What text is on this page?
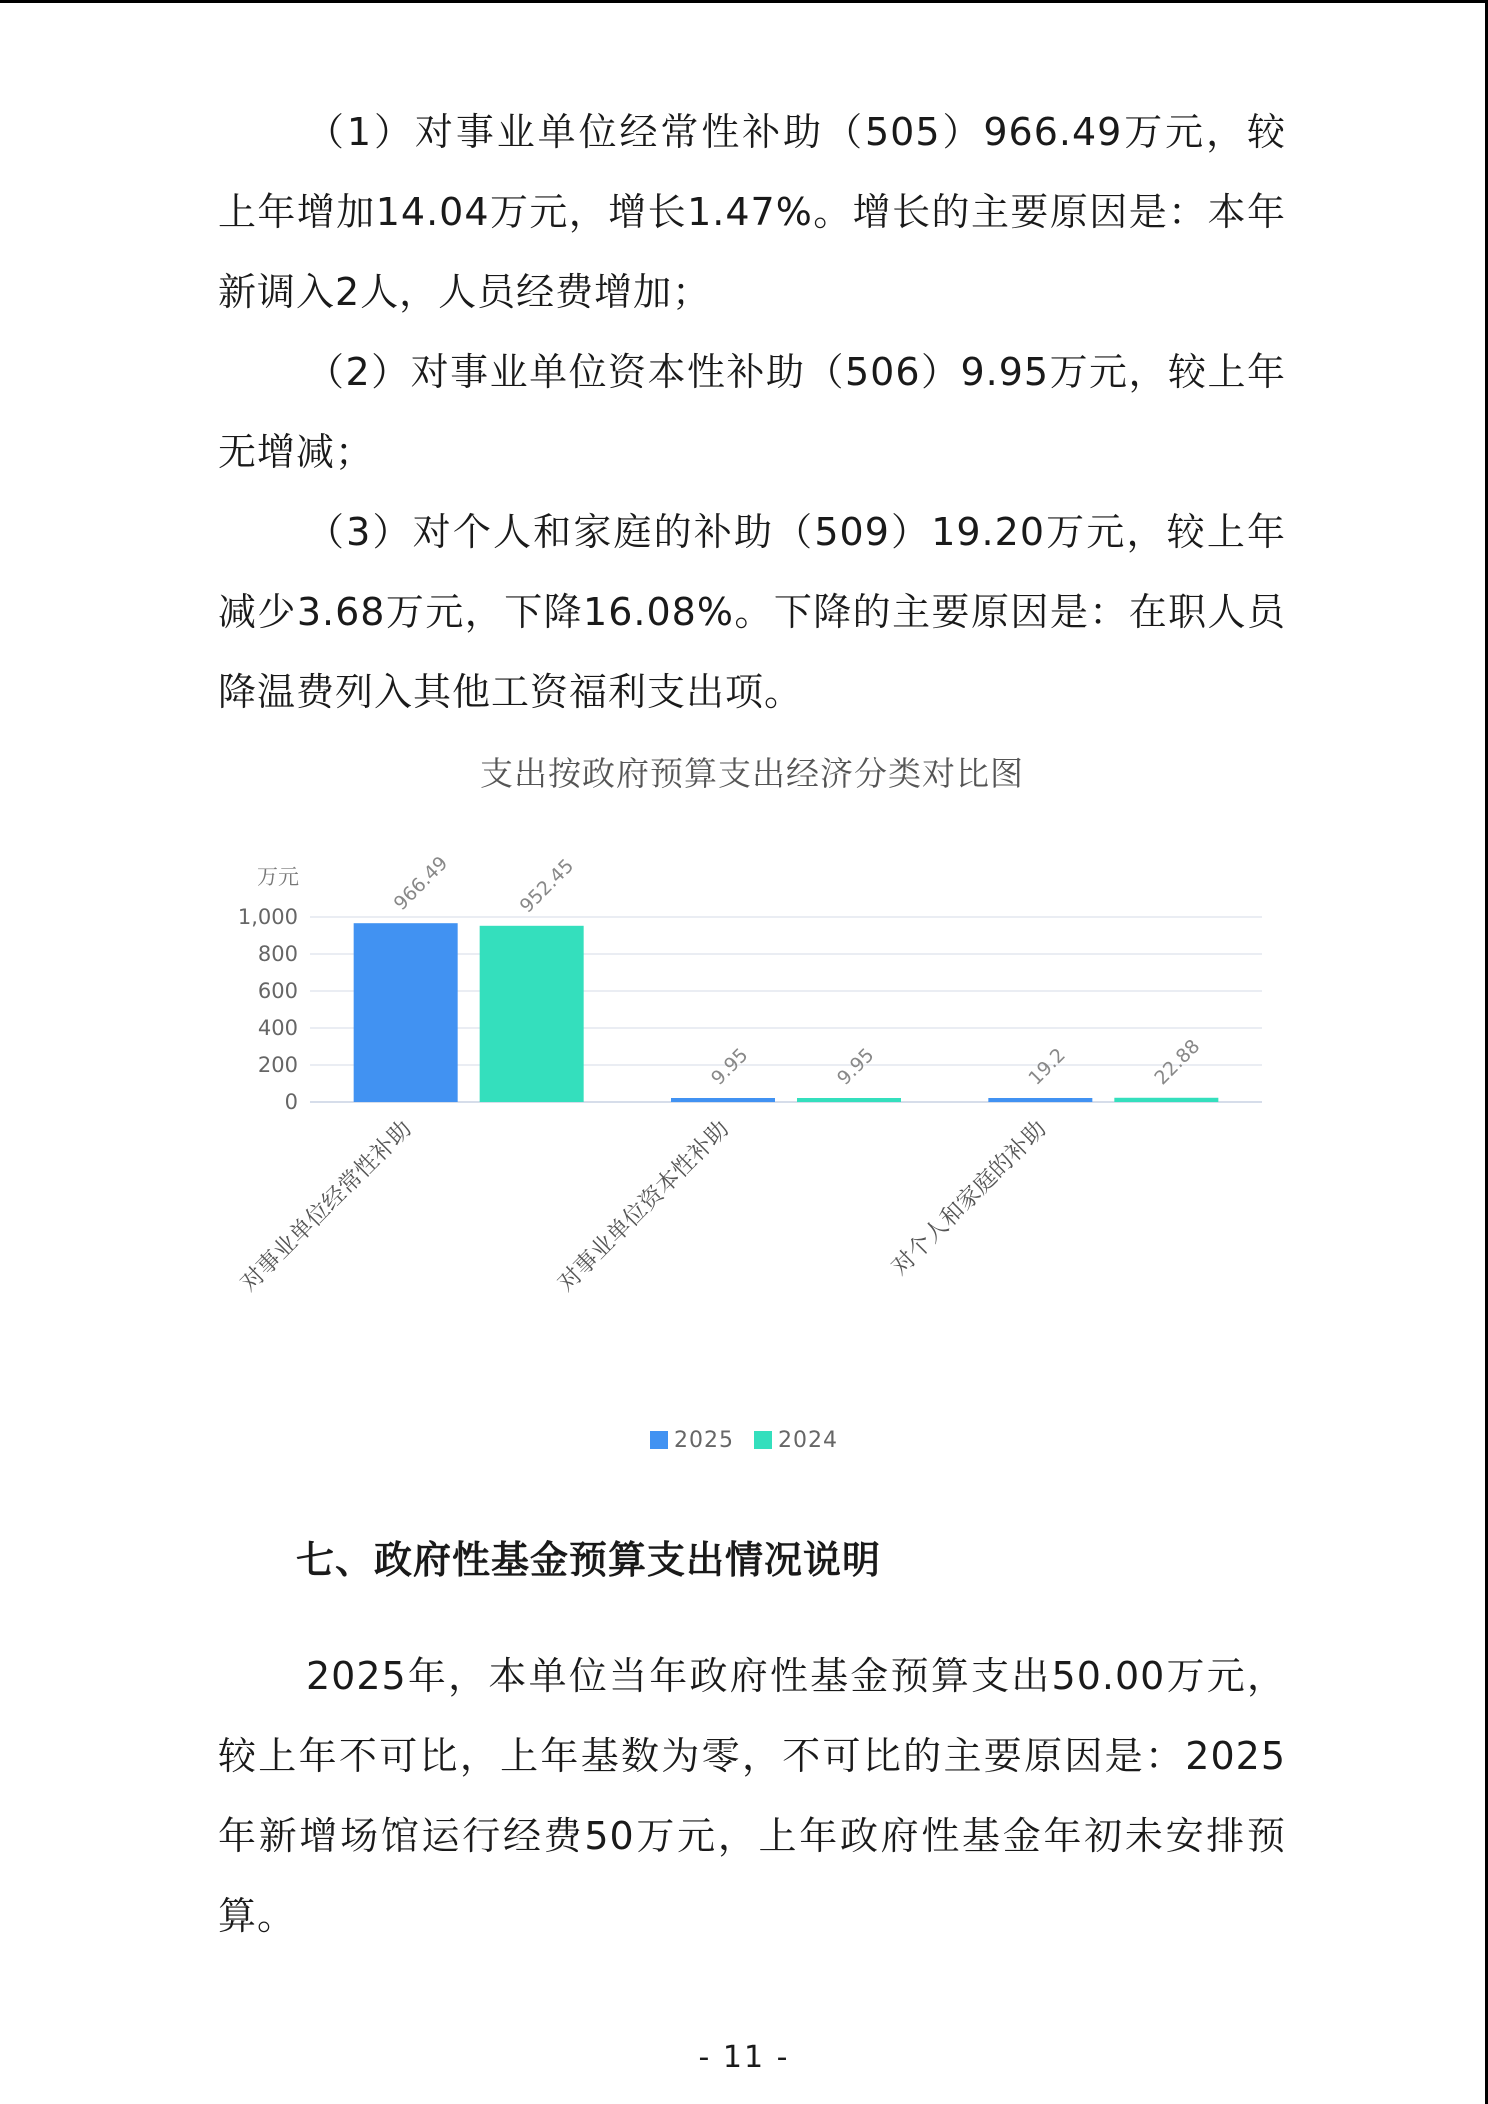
（1）对事业单位经常性补助（505）966.49万元，较上年增加14.04万元，增长1.47%。增长的主要原因是：本年新调入2人，人员经费增加；

（2）对事业单位资本性补助（506）9.95万元，较上年无增减；

（3）对个人和家庭的补助（509）19.20万元，较上年减少3.68万元，下降16.08%。下降的主要原因是：在职人员降温费列入其他工资福利支出项。

支出按政府预算支出经济分类对比图
万元
0
200
400
600
800
1,000
966.49	952.45
对事业单位经常性补助
9.95	9.95
对事业单位资本性补助
19.2	22.88
对个人和家庭的补助
2025 2024
七、政府性基金预算支出情况说明

2025年，本单位当年政府性基金预算支出50.00万元，较上年不可比，上年基数为零，不可比的主要原因是：2025年新增场馆运行经费50万元，上年政府性基金年初未安排预算。

- 11 -
